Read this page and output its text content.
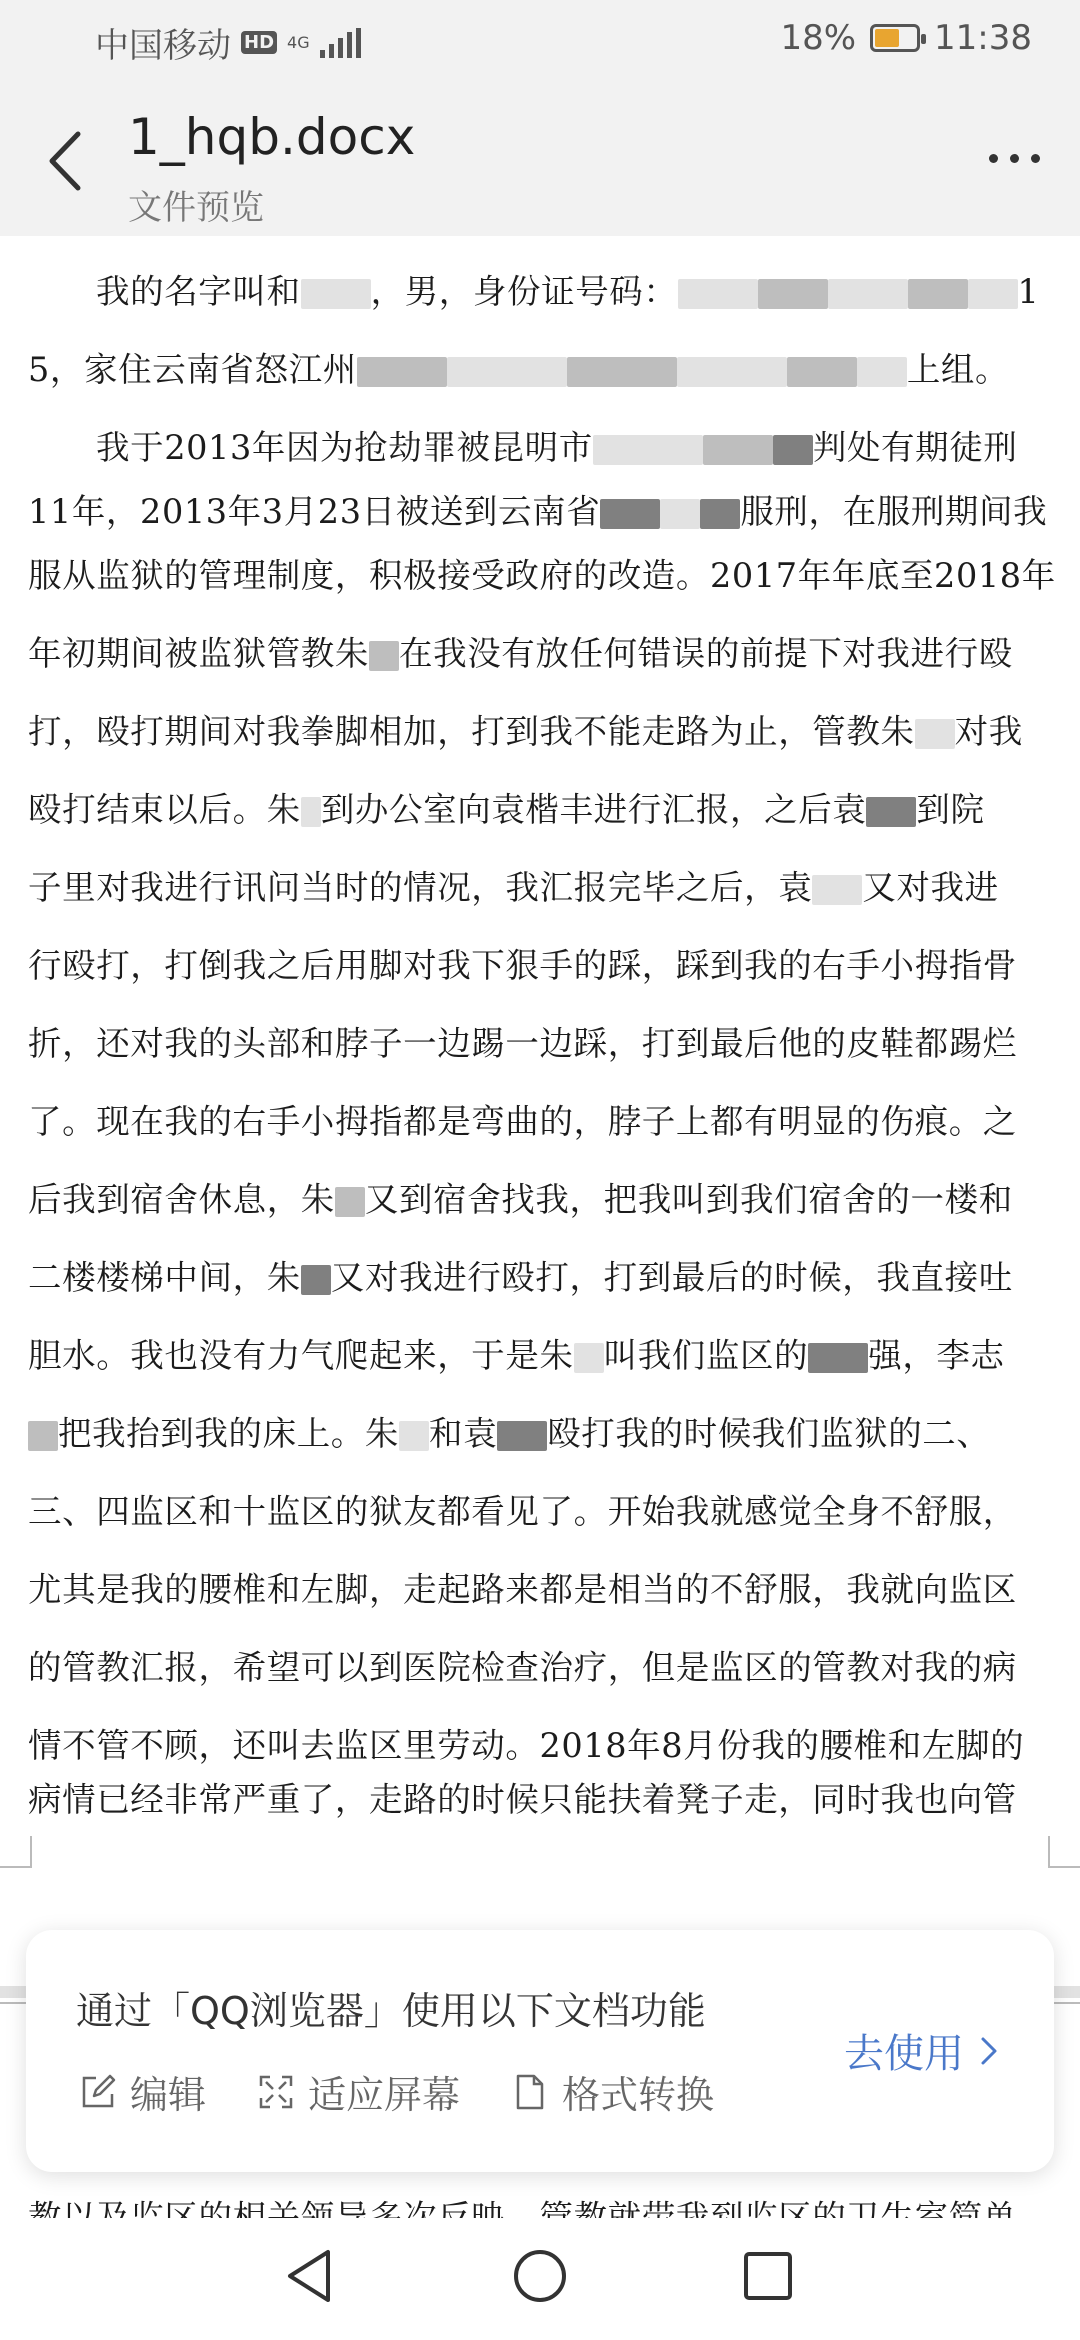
中国移动 HD 4G	18% 11:38
1_hqb.docx
文件预览
我的名字叫和 ，男，身份证号码：	1
5，家住云南省怒江州	上组。
我于2013年因为抢劫罪被昆明市	判处有期徒刑
11年，2013年3月23日被送到云南省	服刑，在服刑期间我
服从监狱的管理制度，积极接受政府的改造。2017年年底至2018年
年初期间被监狱管教朱 在我没有放任何错误的前提下对我进行殴
打，殴打期间对我拳脚相加，打到我不能走路为止，管教朱 对我
殴打结束以后。朱 到办公室向袁楷丰进行汇报，之后袁 到院
子里对我进行讯问当时的情况，我汇报完毕之后，袁 又对我进
行殴打，打倒我之后用脚对我下狠手的踩，踩到我的右手小拇指骨
折，还对我的头部和脖子一边踢一边踩，打到最后他的皮鞋都踢烂
了。现在我的右手小拇指都是弯曲的，脖子上都有明显的伤痕。之
后我到宿舍休息，朱 又到宿舍找我，把我叫到我们宿舍的一楼和
二楼楼梯中间，朱 又对我进行殴打，打到最后的时候，我直接吐
胆水。我也没有力气爬起来，于是朱 叫我们监区的 强，李志
把我抬到我的床上。朱 和袁 殴打我的时候我们监狱的二、
三、四监区和十监区的狱友都看见了。开始我就感觉全身不舒服，
尤其是我的腰椎和左脚，走起路来都是相当的不舒服，我就向监区
的管教汇报，希望可以到医院检查治疗，但是监区的管教对我的病
情不管不顾，还叫去监区里劳动。2018年8月份我的腰椎和左脚的
病情已经非常严重了，走路的时候只能扶着凳子走，同时我也向管
通过「QQ浏览器」使用以下文档功能
编辑	适应屏幕	格式转换
去使用
